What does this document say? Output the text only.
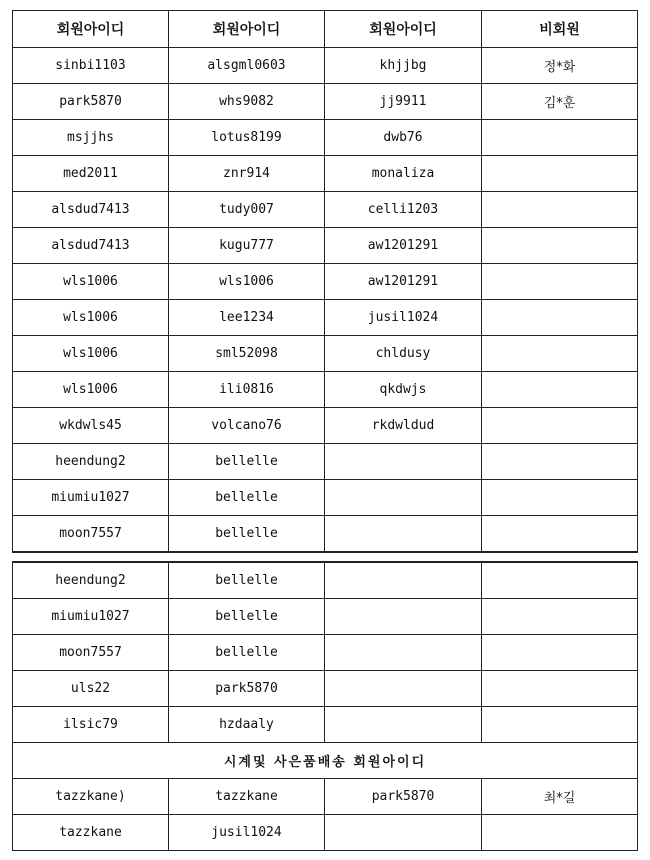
회원아이디	회원아이디	회원아이디	비회원
sinbi1103	alsgml0603	khjjbg	정*화
park5870	whs9082	jj9911	김*훈
msjjhs	lotus8199	dwb76	
med2011	znr914	monaliza	
alsdud7413	tudy007	celli1203	
alsdud7413	kugu777	aw1201291	
wls1006	wls1006	aw1201291	
wls1006	lee1234	jusil1024	
wls1006	sml52098	chldusy	
wls1006	ili0816	qkdwjs	
wkdwls45	volcano76	rkdwldud	
heendung2	bellelle		
miumiu1027	bellelle		
moon7557	bellelle		
heendung2	bellelle		
miumiu1027	bellelle		
moon7557	bellelle		
uls22	park5870		
ilsic79	hzdaaly		
시계및 사은품배송 회원아이디			
tazzkane)	tazzkane	park5870	최*길
tazzkane	jusil1024		
